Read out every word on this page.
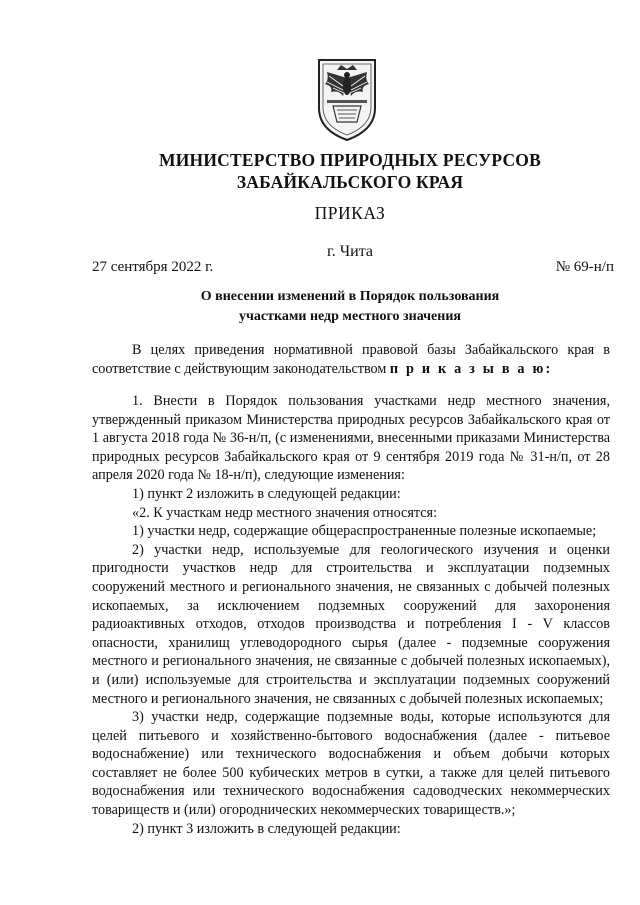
МИНИСТЕРСТВО ПРИРОДНЫХ РЕСУРСОВ
ЗАБАЙКАЛЬСКОГО КРАЯ
ПРИКАЗ
г. Чита
27 сентября 2022 г.	№ 69-н/п
О внесении изменений в Порядок пользования
участками недр местного значения

В целях приведения нормативной правовой базы Забайкальского края в соответствие с действующим законодательством п р и к а з ы в а ю:

1. Внести в Порядок пользования участками недр местного значения, утвержденный приказом Министерства природных ресурсов Забайкальского края от 1 августа 2018 года № 36-н/п, (с изменениями, внесенными приказами Министерства природных ресурсов Забайкальского края от 9 сентября 2019 года № 31-н/п, от 28 апреля 2020 года № 18-н/п), следующие изменения:

1) пункт 2 изложить в следующей редакции:

«2. К участкам недр местного значения относятся:

1) участки недр, содержащие общераспространенные полезные ископаемые;

2) участки недр, используемые для геологического изучения и оценки пригодности участков недр для строительства и эксплуатации подземных сооружений местного и регионального значения, не связанных с добычей полезных ископаемых, за исключением подземных сооружений для захоронения радиоактивных отходов, отходов производства и потребления I - V классов опасности, хранилищ углеводородного сырья (далее - подземные сооружения местного и регионального значения, не связанные с добычей полезных ископаемых), и (или) используемые для строительства и эксплуатации подземных сооружений местного и регионального значения, не связанных с добычей полезных ископаемых;

3) участки недр, содержащие подземные воды, которые используются для целей питьевого и хозяйственно-бытового водоснабжения (далее - питьевое водоснабжение) или технического водоснабжения и объем добычи которых составляет не более 500 кубических метров в сутки, а также для целей питьевого водоснабжения или технического водоснабжения садоводческих некоммерческих товариществ и (или) огороднических некоммерческих товариществ.»;

2) пункт 3 изложить в следующей редакции:
